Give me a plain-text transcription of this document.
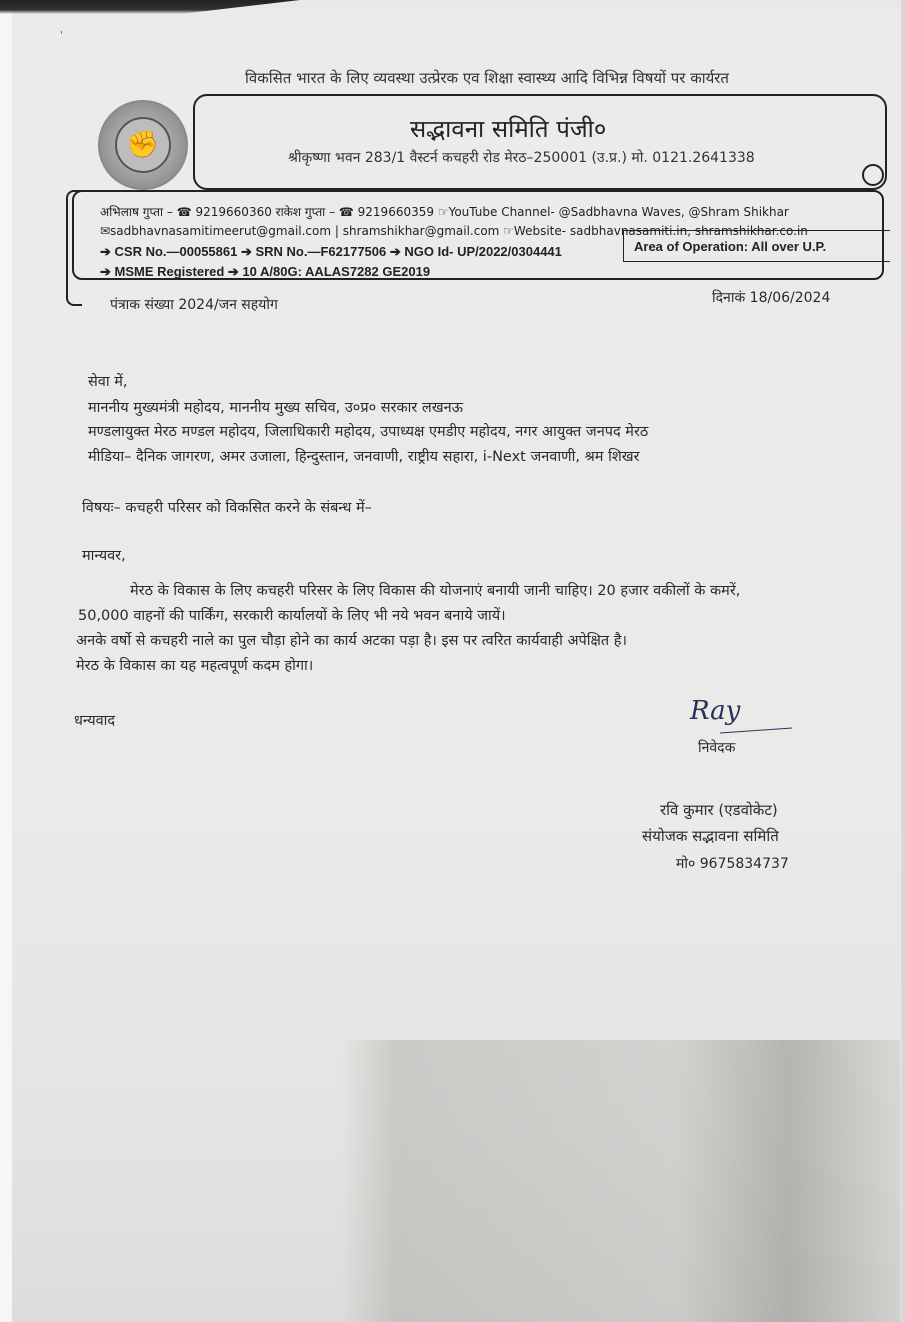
'
विकसित भारत के लिए व्यवस्था उत्प्रेरक एव शिक्षा स्वास्थ्य आदि विभिन्न विषयों पर कार्यरत
✊
सद्भावना समिति पंजी०
श्रीकृष्णा भवन 283/1 वैस्टर्न कचहरी रोड मेरठ–250001 (उ.प्र.) मो. 0121.2641338
अभिलाष गुप्ता – ☎ 9219660360 राकेश गुप्ता – ☎ 9219660359 ☞YouTube Channel- @Sadbhavna Waves, @Shram Shikhar
✉sadbhavnasamitimeerut@gmail.com | shramshikhar@gmail.com ☞Website- sadbhavnasamiti.in, shramshikhar.co.in
➔ CSR No.—00055861 ➔ SRN No.—F62177506 ➔ NGO Id- UP/2022/0304441
➔ MSME Registered ➔ 10 A/80G: AALAS7282 GE2019
Area of Operation: All over U.P.
पंत्राक संख्या 2024/जन सहयोग	दिनाकं 18/06/2024
सेवा में,
माननीय मुख्यमंत्री महोदय, माननीय मुख्य सचिव, उ०प्र० सरकार लखनऊ
मण्डलायुक्त मेरठ मण्डल महोदय, जिलाधिकारी महोदय, उपाध्यक्ष एमडीए महोदय, नगर आयुक्त जनपद मेरठ
मीडिया– दैनिक जागरण, अमर उजाला, हिन्दुस्तान, जनवाणी, राष्ट्रीय सहारा, i-Next जनवाणी, श्रम शिखर
विषयः– कचहरी परिसर को विकसित करने के संबन्ध में–
मान्यवर,
मेरठ के विकास के लिए कचहरी परिसर के लिए विकास की योजनाएं बनायी जानी चाहिए। 20 हजार वकीलों के कमरें,
50,000 वाहनों की पार्किंग, सरकारी कार्यालयों के लिए भी नये भवन बनाये जायें।
अनके वर्षो से कचहरी नाले का पुल चौड़ा होने का कार्य अटका पड़ा है। इस पर त्वरित कार्यवाही अपेक्षित है।
मेरठ के विकास का यह महत्वपूर्ण कदम होगा।
धन्यवाद	Ray
निवेदक
रवि कुमार (एडवोकेट)
संयोजक सद्भावना समिति
मो० 9675834737
